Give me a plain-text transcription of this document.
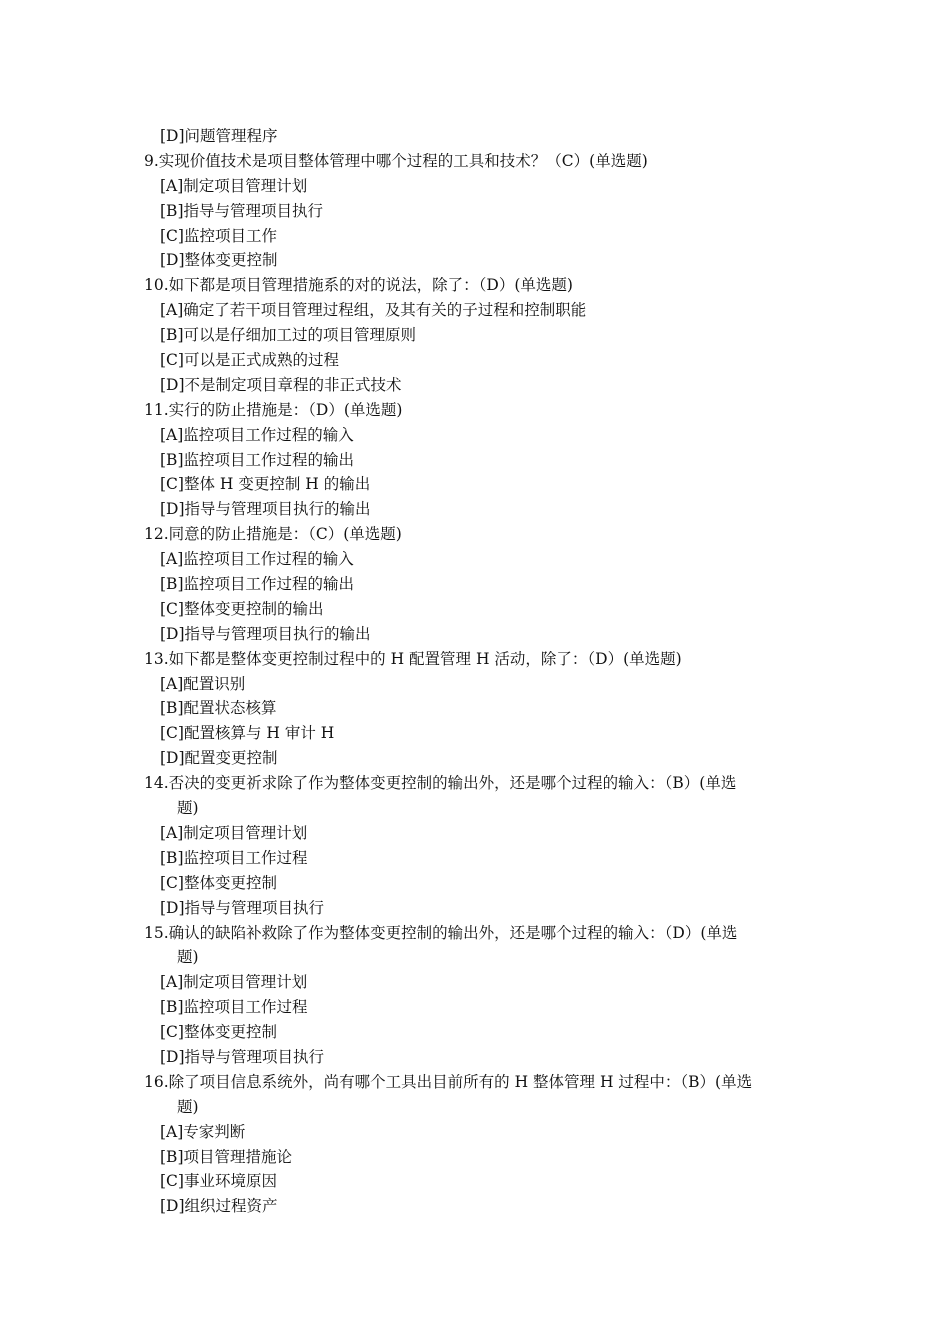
[D]问题管理程序
9.实现价值技术是项目整体管理中哪个过程的工具和技术？（C）(单选题)
[A]制定项目管理计划
[B]指导与管理项目执行
[C]监控项目工作
[D]整体变更控制
10.如下都是项目管理措施系的对的说法，除了：（D）(单选题)
[A]确定了若干项目管理过程组，及其有关的子过程和控制职能
[B]可以是仔细加工过的项目管理原则
[C]可以是正式成熟的过程
[D]不是制定项目章程的非正式技术
11.实行的防止措施是：（D）(单选题)
[A]监控项目工作过程的输入
[B]监控项目工作过程的输出
[C]整体 H 变更控制 H 的输出
[D]指导与管理项目执行的输出
12.同意的防止措施是：（C）(单选题)
[A]监控项目工作过程的输入
[B]监控项目工作过程的输出
[C]整体变更控制的输出
[D]指导与管理项目执行的输出
13.如下都是整体变更控制过程中的 H 配置管理 H 活动，除了：（D）(单选题)
[A]配置识别
[B]配置状态核算
[C]配置核算与 H 审计 H
[D]配置变更控制
14.否决的变更祈求除了作为整体变更控制的输出外，还是哪个过程的输入：（B）(单选
题)
[A]制定项目管理计划
[B]监控项目工作过程
[C]整体变更控制
[D]指导与管理项目执行
15.确认的缺陷补救除了作为整体变更控制的输出外，还是哪个过程的输入：（D）(单选
题)
[A]制定项目管理计划
[B]监控项目工作过程
[C]整体变更控制
[D]指导与管理项目执行
16.除了项目信息系统外，尚有哪个工具出目前所有的 H 整体管理 H 过程中：（B）(单选
题)
[A]专家判断
[B]项目管理措施论
[C]事业环境原因
[D]组织过程资产
